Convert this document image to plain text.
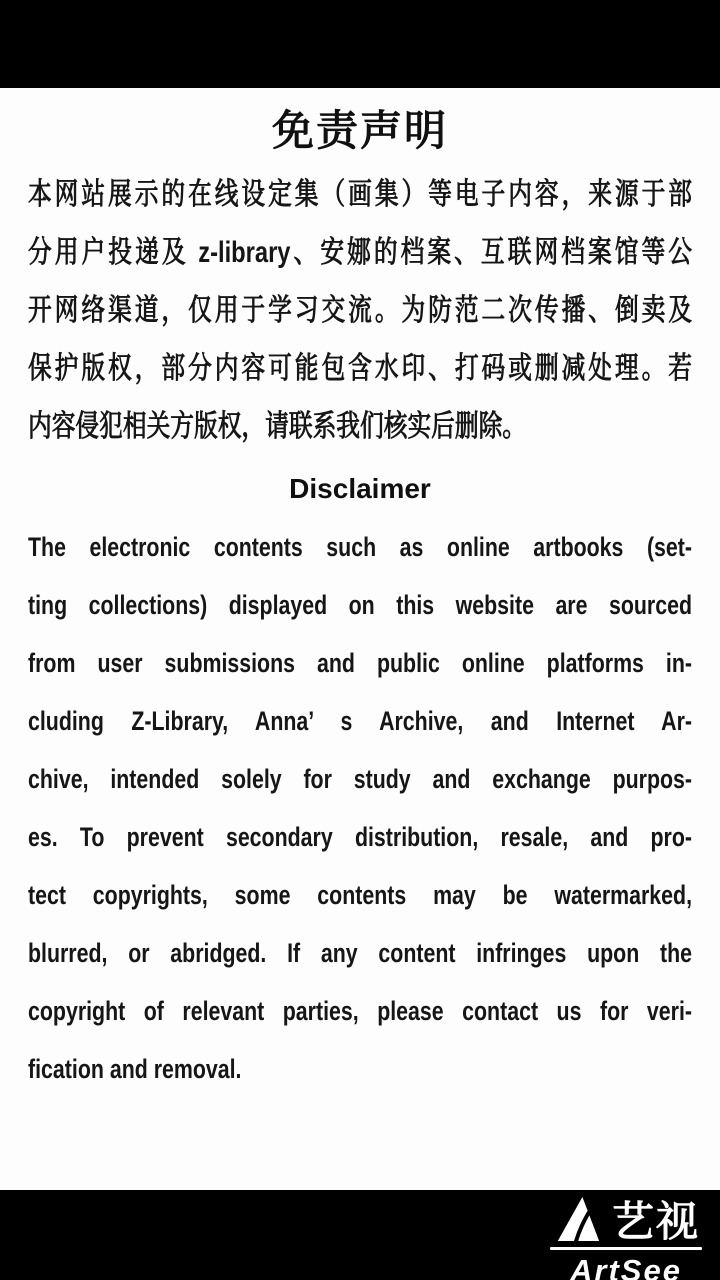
免责声明
本网站展示的在线设定集（画集）等电子内容，来源于部
分用户投递及 z-library、安娜的档案、互联网档案馆等公
开网络渠道，仅用于学习交流。为防范二次传播、倒卖及
保护版权，部分内容可能包含水印、打码或删减处理。若
内容侵犯相关方版权，请联系我们核实后删除。
Disclaimer
The electronic contents such as online artbooks (set-
ting collections) displayed on this website are sourced
from user submissions and public online platforms in-
cluding Z-Library, Anna’ s Archive, and Internet Ar-
chive, intended solely for study and exchange purpos-
es. To prevent secondary distribution, resale, and pro-
tect copyrights, some contents may be watermarked,
blurred, or abridged. If any content infringes upon the
copyright of relevant parties, please contact us for veri-
fication and removal.
艺视
ArtSee
